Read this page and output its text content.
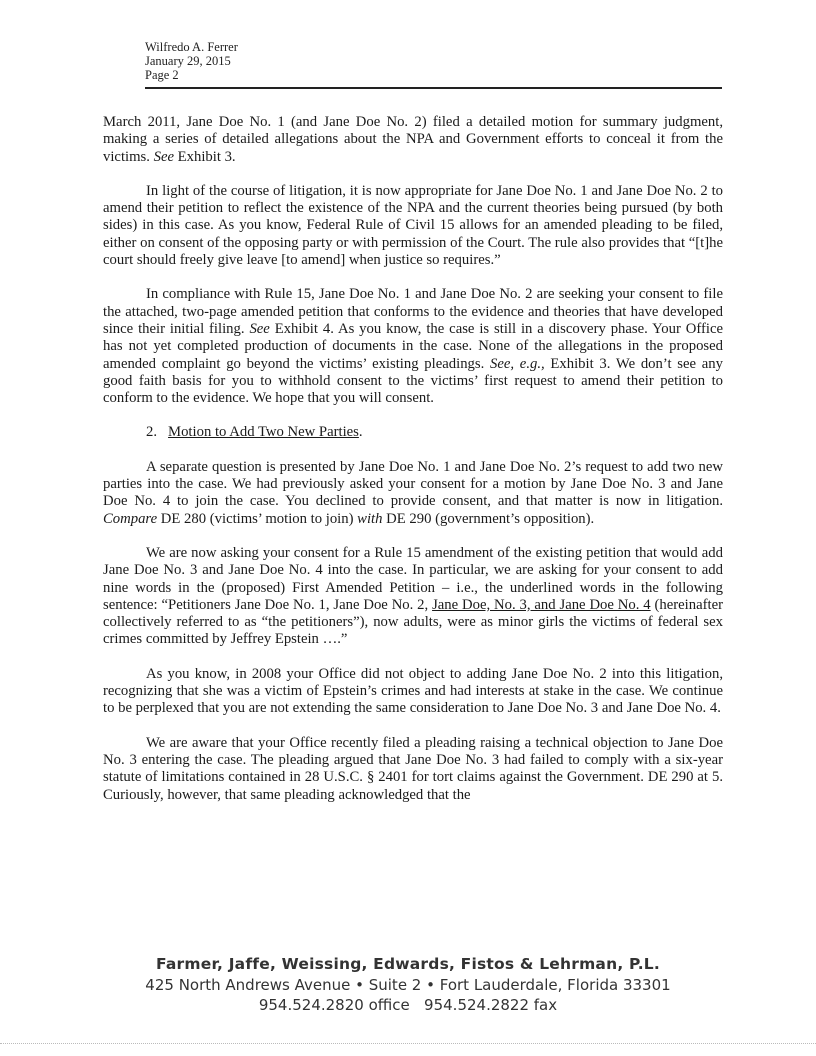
Wilfredo A. Ferrer
January 29, 2015
Page 2

March 2011, Jane Doe No. 1 (and Jane Doe No. 2) filed a detailed motion for summary judgment, making a series of detailed allegations about the NPA and Government efforts to conceal it from the victims. See Exhibit 3.

In light of the course of litigation, it is now appropriate for Jane Doe No. 1 and Jane Doe No. 2 to amend their petition to reflect the existence of the NPA and the current theories being pursued (by both sides) in this case. As you know, Federal Rule of Civil 15 allows for an amended pleading to be filed, either on consent of the opposing party or with permission of the Court. The rule also provides that “[t]he court should freely give leave [to amend] when justice so requires.”

In compliance with Rule 15, Jane Doe No. 1 and Jane Doe No. 2 are seeking your consent to file the attached, two-page amended petition that conforms to the evidence and theories that have developed since their initial filing. See Exhibit 4. As you know, the case is still in a discovery phase. Your Office has not yet completed production of documents in the case. None of the allegations in the proposed amended complaint go beyond the victims’ existing pleadings. See, e.g., Exhibit 3. We don’t see any good faith basis for you to withhold consent to the victims’ first request to amend their petition to conform to the evidence. We hope that you will consent.

2. Motion to Add Two New Parties.

A separate question is presented by Jane Doe No. 1 and Jane Doe No. 2’s request to add two new parties into the case. We had previously asked your consent for a motion by Jane Doe No. 3 and Jane Doe No. 4 to join the case. You declined to provide consent, and that matter is now in litigation. Compare DE 280 (victims’ motion to join) with DE 290 (government’s opposition).

We are now asking your consent for a Rule 15 amendment of the existing petition that would add Jane Doe No. 3 and Jane Doe No. 4 into the case. In particular, we are asking for your consent to add nine words in the (proposed) First Amended Petition – i.e., the underlined words in the following sentence: “Petitioners Jane Doe No. 1, Jane Doe No. 2, Jane Doe, No. 3, and Jane Doe No. 4 (hereinafter collectively referred to as “the petitioners”), now adults, were as minor girls the victims of federal sex crimes committed by Jeffrey Epstein ….”

As you know, in 2008 your Office did not object to adding Jane Doe No. 2 into this litigation, recognizing that she was a victim of Epstein’s crimes and had interests at stake in the case. We continue to be perplexed that you are not extending the same consideration to Jane Doe No. 3 and Jane Doe No. 4.

We are aware that your Office recently filed a pleading raising a technical objection to Jane Doe No. 3 entering the case. The pleading argued that Jane Doe No. 3 had failed to comply with a six-year statute of limitations contained in 28 U.S.C. § 2401 for tort claims against the Government. DE 290 at 5. Curiously, however, that same pleading acknowledged that the

Farmer, Jaffe, Weissing, Edwards, Fistos & Lehrman, P.L.
425 North Andrews Avenue • Suite 2 • Fort Lauderdale, Florida 33301
954.524.2820 office   954.524.2822 fax
